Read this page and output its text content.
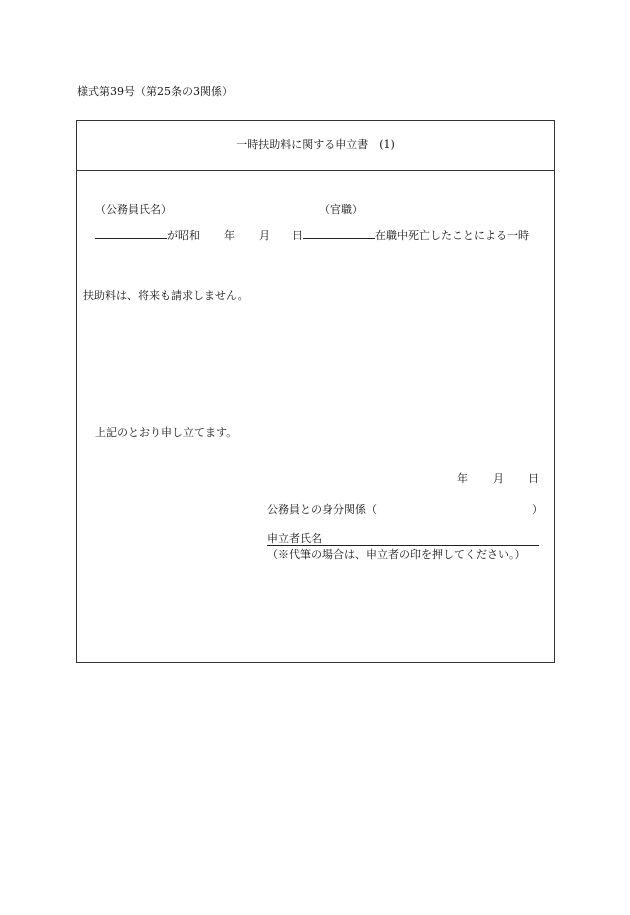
様式第39号（第25条の3関係）
一時扶助料に関する申立書　(1)
（公務員氏名）	（官職）
が昭和 年 月 日	在職中死亡したことによる一時
扶助料は、将来も請求しません。
上記のとおり申し立てます。
年 月 日
公務員との身分関係（	）
申立者氏名
（※代筆の場合は、申立者の印を押してください。）
